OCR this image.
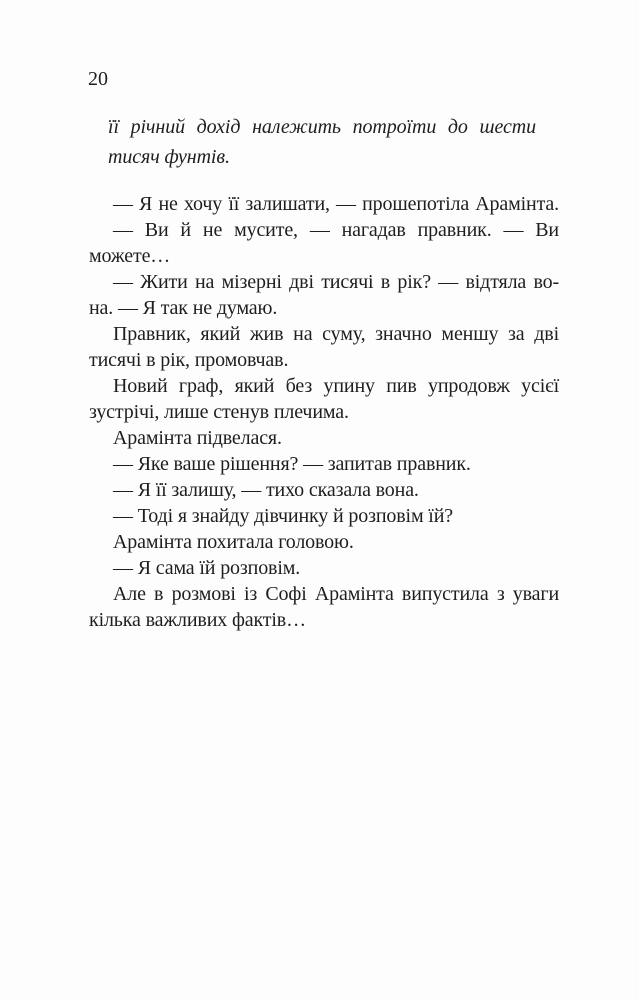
20
її річний дохід належить потроїти до шести
тисяч фунтів.
— Я не хочу її залишати, — прошепотіла Арамінта.
— Ви й не мусите, — нагадав правник. — Ви можете…
— Жити на мізерні дві тисячі в рік? — відтяла во-
на. — Я так не думаю.
Правник, який жив на суму, значно меншу за дві
тисячі в рік, промовчав.
Новий граф, який без упину пив упродовж усієї
зустрічі, лише стенув плечима.
Арамінта підвелася.
— Яке ваше рішення? — запитав правник.
— Я її залишу, — тихо сказала вона.
— Тоді я знайду дівчинку й розповім їй?
Арамінта похитала головою.
— Я сама їй розповім.
Але в розмові із Софі Арамінта випустила з уваги
кілька важливих фактів…
